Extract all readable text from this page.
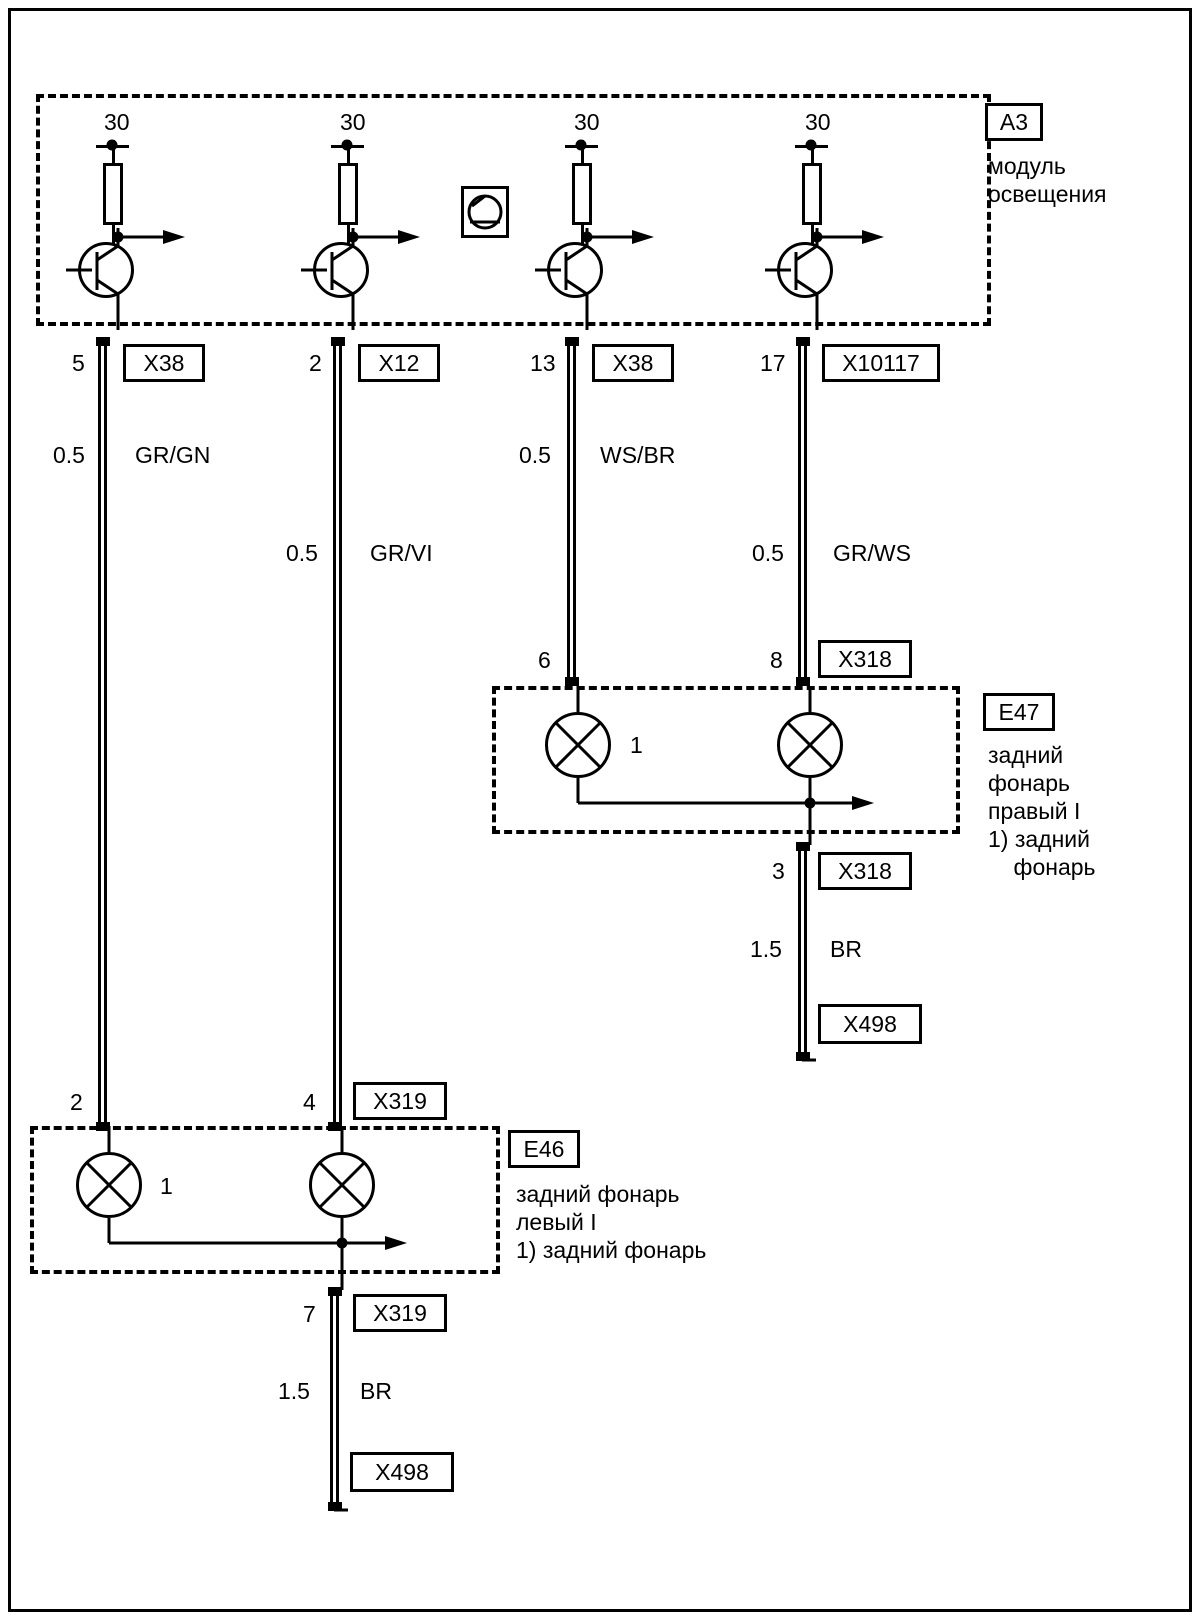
A3
модуль
освещения
30	30	30	30
5	X38	2 X12	13 X38	17 X10117
0.5 GR/GN
0.5 GR/VI
0.5 WS/BR
0.5 GR/WS
1.5 BR
1.5 BR
E47
задний
фонарь
правый I
1) задний
фонарь
1
6	8 X318
3 X318
X498
E46
задний фонарь
левый I
1) задний фонарь
1
2	4 X319
7 X319
X498
